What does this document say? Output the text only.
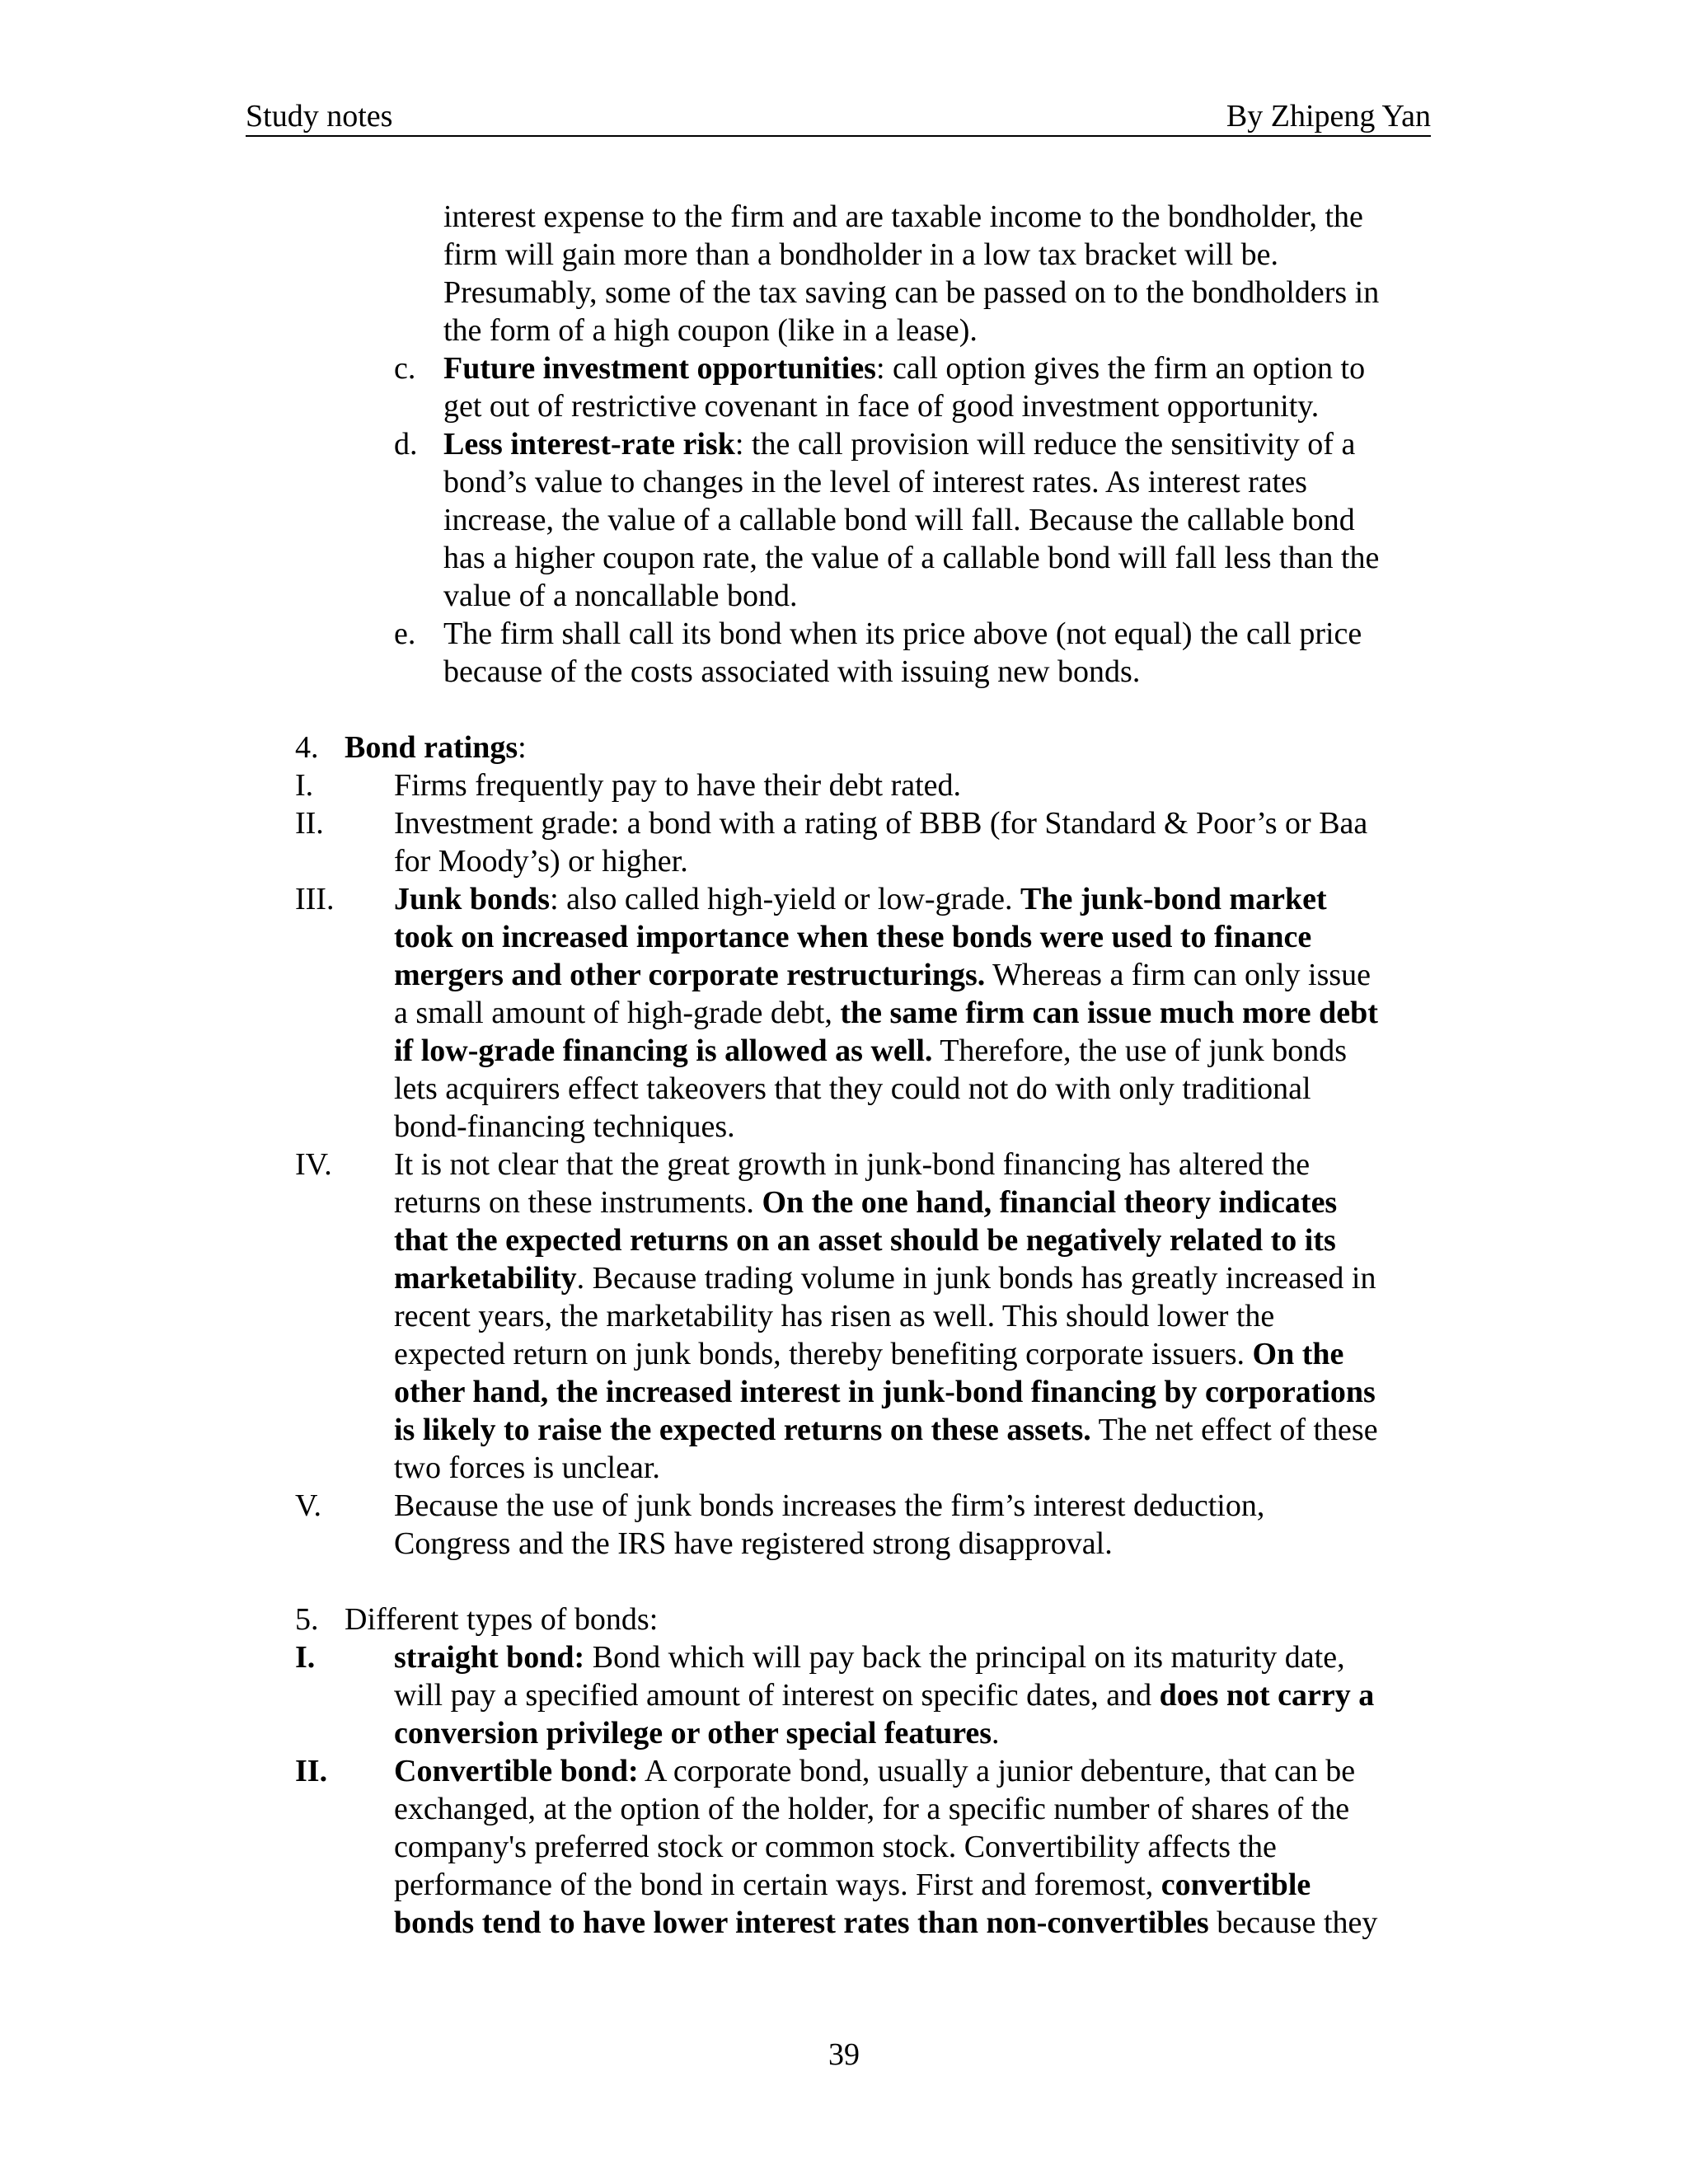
Study notes	By Zhipeng Yan
interest expense to the firm and are taxable income to the bondholder, the
firm will gain more than a bondholder in a low tax bracket will be.
Presumably, some of the tax saving can be passed on to the bondholders in
the form of a high coupon (like in a lease).
c. Future investment opportunities: call option gives the firm an option to
get out of restrictive covenant in face of good investment opportunity.
d. Less interest-rate risk: the call provision will reduce the sensitivity of a
bond’s value to changes in the level of interest rates. As interest rates
increase, the value of a callable bond will fall. Because the callable bond
has a higher coupon rate, the value of a callable bond will fall less than the
value of a noncallable bond.
e. The firm shall call its bond when its price above (not equal) the call price
because of the costs associated with issuing new bonds.
4. Bond ratings:
I.	Firms frequently pay to have their debt rated.
II. Investment grade: a bond with a rating of BBB (for Standard & Poor’s or Baa
for Moody’s) or higher.
III. Junk bonds: also called high-yield or low-grade. The junk-bond market
took on increased importance when these bonds were used to finance
mergers and other corporate restructurings. Whereas a firm can only issue
a small amount of high-grade debt, the same firm can issue much more debt
if low-grade financing is allowed as well. Therefore, the use of junk bonds
lets acquirers effect takeovers that they could not do with only traditional
bond-financing techniques.
IV. It is not clear that the great growth in junk-bond financing has altered the
returns on these instruments. On the one hand, financial theory indicates
that the expected returns on an asset should be negatively related to its
marketability. Because trading volume in junk bonds has greatly increased in
recent years, the marketability has risen as well. This should lower the
expected return on junk bonds, thereby benefiting corporate issuers. On the
other hand, the increased interest in junk-bond financing by corporations
is likely to raise the expected returns on these assets. The net effect of these
two forces is unclear.
V. Because the use of junk bonds increases the firm’s interest deduction,
Congress and the IRS have registered strong disapproval.
5. Different types of bonds:
I.	straight bond: Bond which will pay back the principal on its maturity date,
will pay a specified amount of interest on specific dates, and does not carry a
conversion privilege or other special features.
II. Convertible bond: A corporate bond, usually a junior debenture, that can be
exchanged, at the option of the holder, for a specific number of shares of the
company's preferred stock or common stock. Convertibility affects the
performance of the bond in certain ways. First and foremost, convertible
bonds tend to have lower interest rates than non-convertibles because they
39
